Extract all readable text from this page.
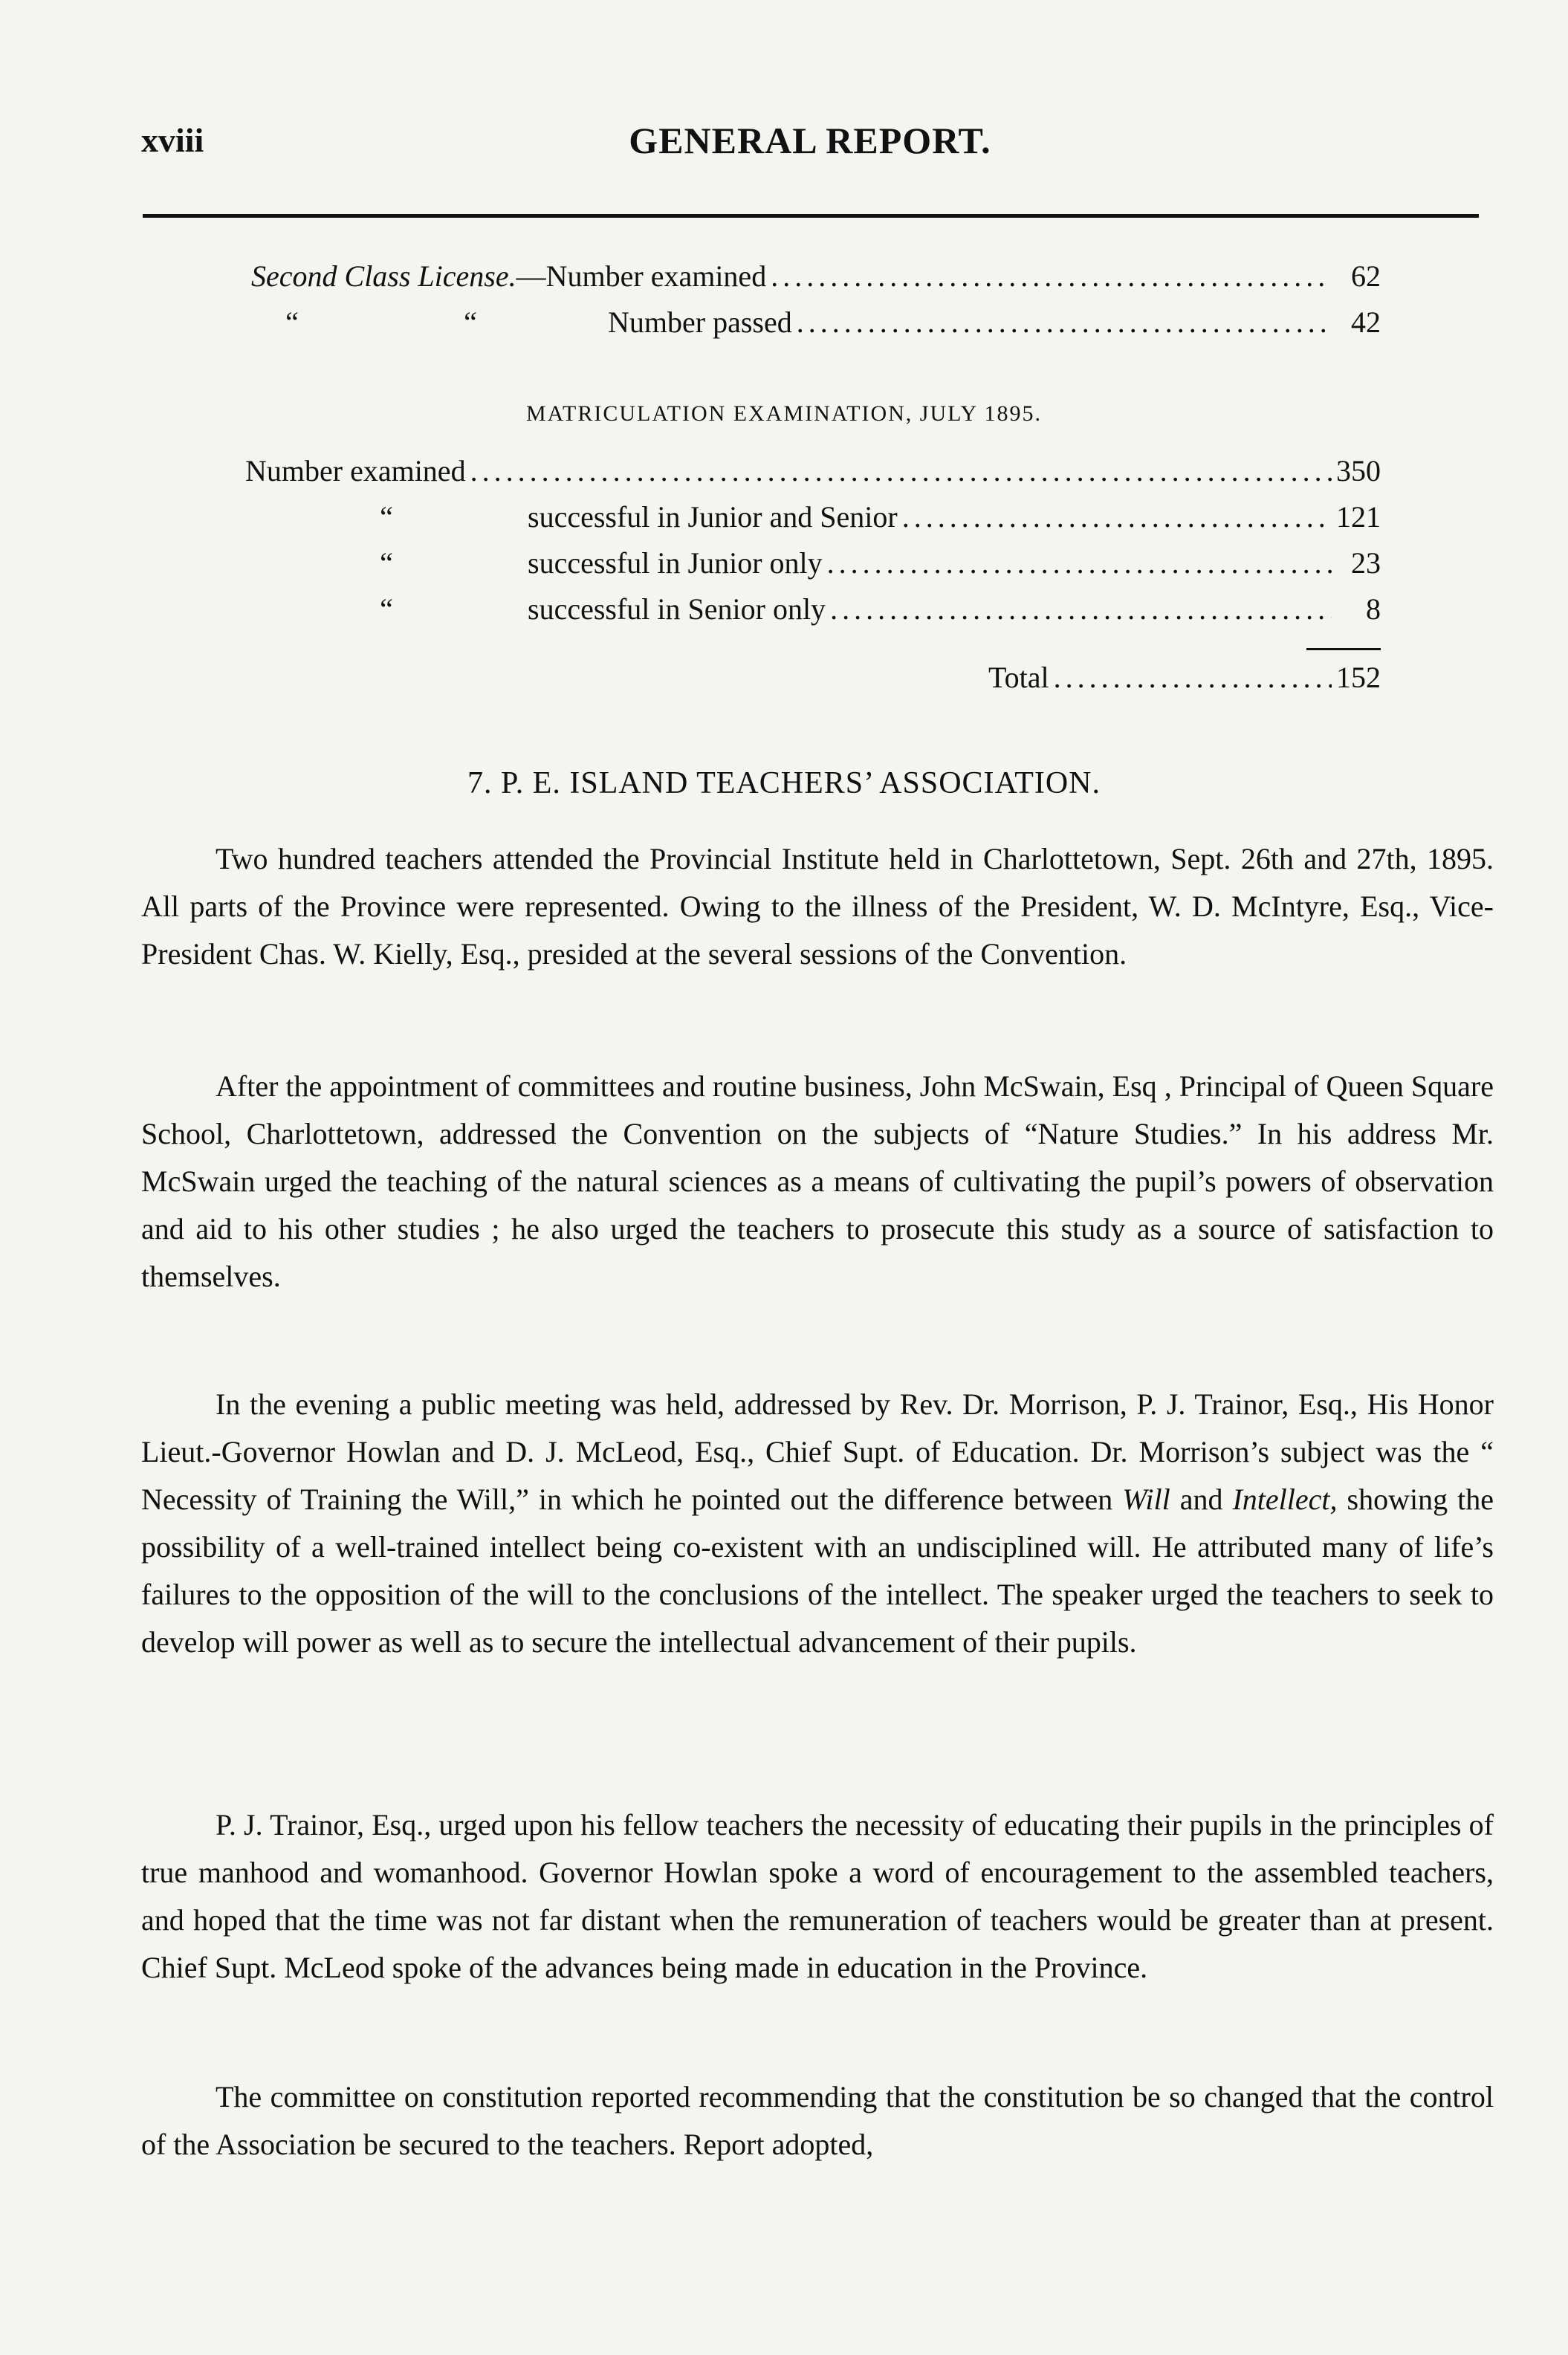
xviii	GENERAL REPORT.
Second Class License.—Number examined . . .	62
“	“	Number passed . . .	42
MATRICULATION EXAMINATION, JULY 1895.
Number examined . . .	350
“	successful in Junior and Senior . . .	121
“	successful in Junior only . . .	23
“	successful in Senior only . . .	8
Total . . .	152
7. P. E. ISLAND TEACHERS’ ASSOCIATION.
Two hundred teachers attended the Provincial Institute held in Charlottetown, Sept. 26th and 27th, 1895. All parts of the Province were represented. Owing to the illness of the President, W. D. McIntyre, Esq., Vice-President Chas. W. Kielly, Esq., presided at the several sessions of the Convention.
After the appointment of committees and routine business, John McSwain, Esq , Principal of Queen Square School, Charlottetown, addressed the Convention on the subjects of “Nature Studies.” In his address Mr. McSwain urged the teaching of the natural sciences as a means of cultivating the pupil’s powers of observation and aid to his other studies ; he also urged the teachers to prosecute this study as a source of satisfaction to themselves.
In the evening a public meeting was held, addressed by Rev. Dr. Morrison, P. J. Trainor, Esq., His Honor Lieut.-Governor Howlan and D. J. McLeod, Esq., Chief Supt. of Education. Dr. Morrison’s subject was the “ Necessity of Training the Will,” in which he pointed out the difference between Will and Intellect, showing the possibility of a well-trained intellect being co-existent with an undisciplined will. He attributed many of life’s failures to the opposition of the will to the conclusions of the intellect. The speaker urged the teachers to seek to develop will power as well as to secure the intellectual advancement of their pupils.
P. J. Trainor, Esq., urged upon his fellow teachers the necessity of educating their pupils in the principles of true manhood and womanhood. Governor Howlan spoke a word of encouragement to the assembled teachers, and hoped that the time was not far distant when the remuneration of teachers would be greater than at present. Chief Supt. McLeod spoke of the advances being made in education in the Province.
The committee on constitution reported recommending that the constitution be so changed that the control of the Association be secured to the teachers. Report adopted,
